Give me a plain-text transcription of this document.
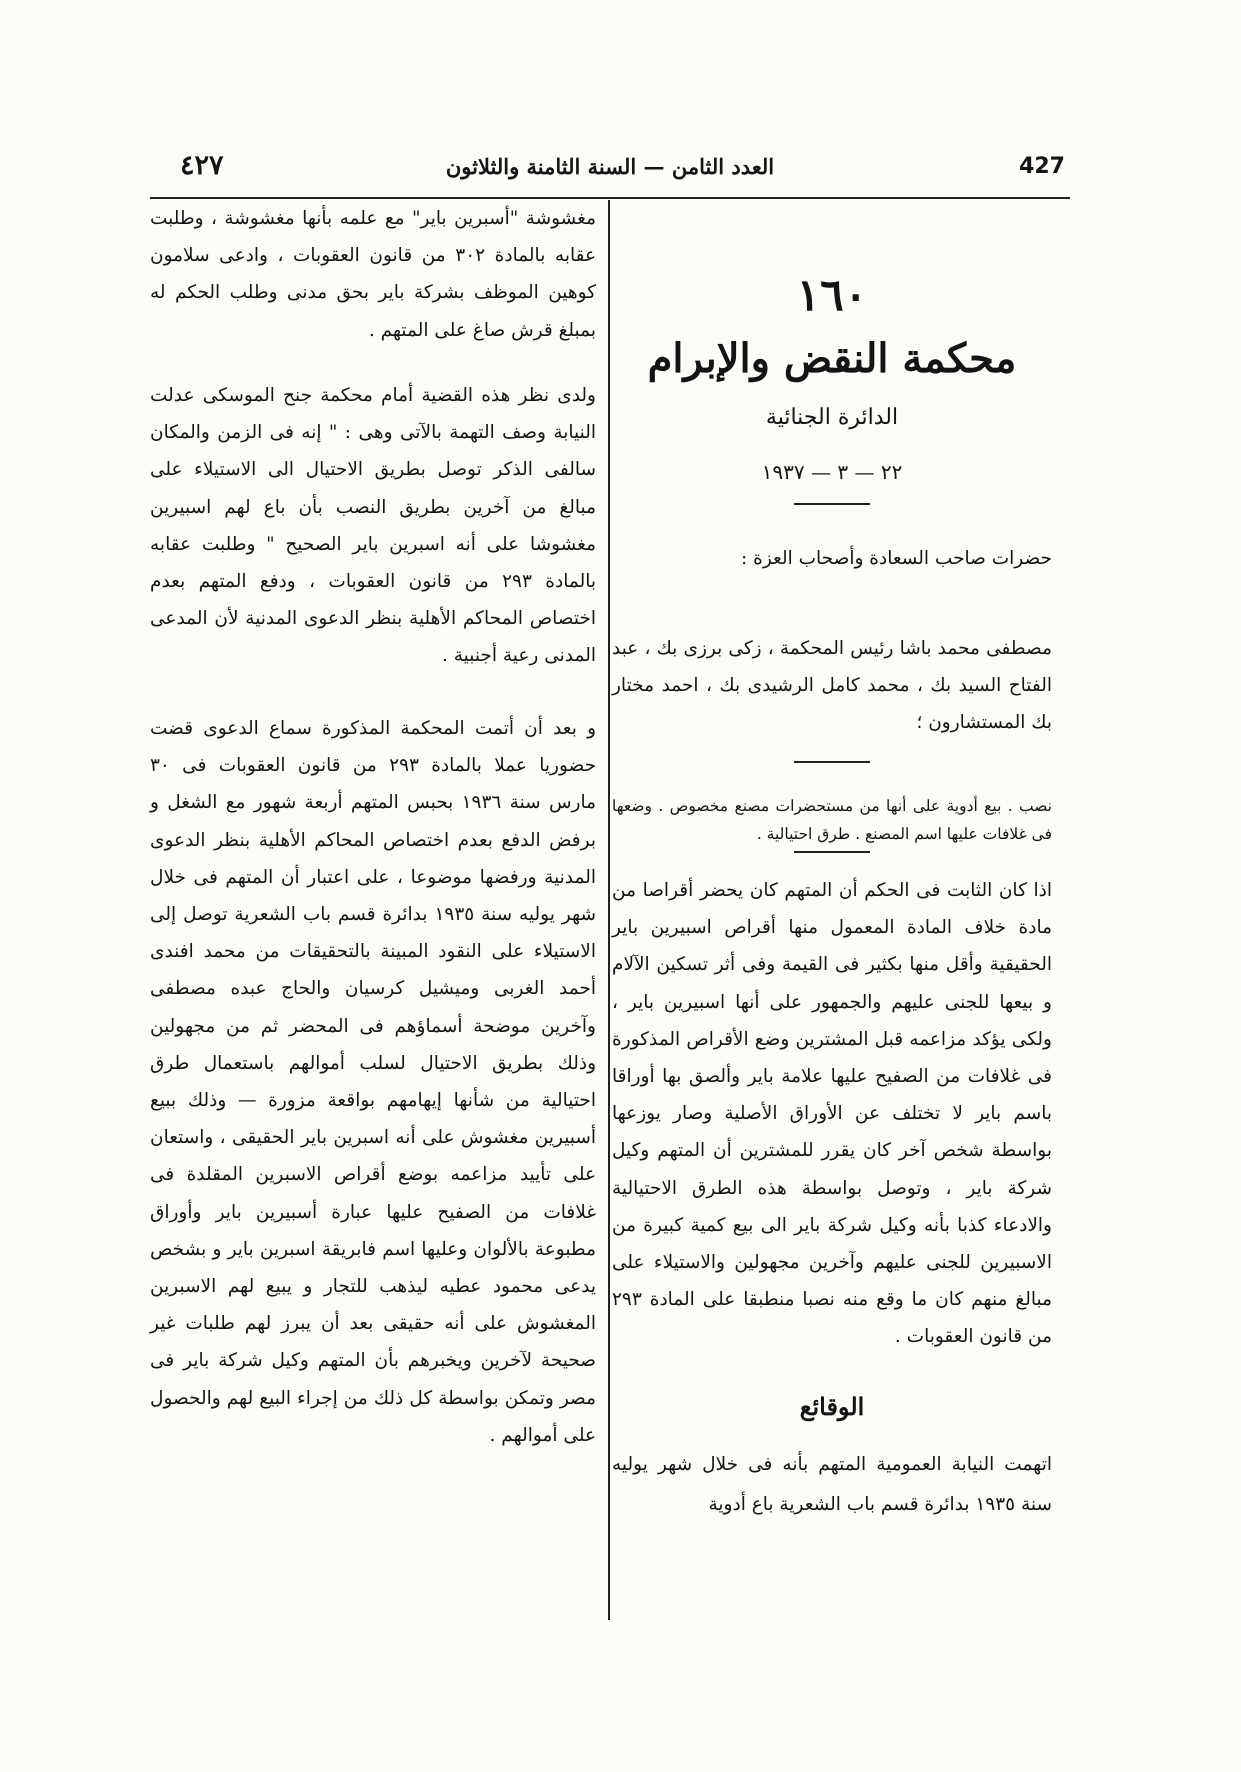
٤٢٧	العدد الثامن — السنة الثامنة والثلاثون	427
١٦٠
محكمة النقض والإبرام
الدائرة الجنائية
٢٢ — ٣ — ١٩٣٧

حضرات صاحب السعادة وأصحاب العزة :

مصطفى محمد باشا رئيس المحكمة ، زكى برزى بك ، عبد الفتاح السيد بك ، محمد كامل الرشيدى بك ، احمد مختار بك المستشارون ؛

نصب . بيع أدوية على أنها من مستحضرات مصنع مخصوص . وضعها فى غلافات عليها اسم المصنع . طرق احتيالية .

اذا كان الثابت فى الحكم أن المتهم كان يحضر أقراصا من مادة خلاف المادة المعمول منها أقراص اسبيرين باير الحقيقية وأقل منها بكثير فى القيمة وفى أثر تسكين الآلام و بيعها للجنى عليهم والجمهور على أنها اسبيرين باير ، ولكى يؤكد مزاعمه قبل المشترين وضع الأقراص المذكورة فى غلافات من الصفيح عليها علامة باير وألصق بها أوراقا باسم باير لا تختلف عن الأوراق الأصلية وصار يوزعها بواسطة شخص آخر كان يقرر للمشترين أن المتهم وكيل شركة باير ، وتوصل بواسطة هذه الطرق الاحتيالية والادعاء كذبا بأنه وكيل شركة باير الى بيع كمية كبيرة من الاسبيرين للجنى عليهم وآخرين مجهولين والاستيلاء على مبالغ منهم كان ما وقع منه نصبا منطبقا على المادة ٢٩٣ من قانون العقوبات .

الوقائع

اتهمت النيابة العمومية المتهم بأنه فى خلال شهر يوليه سنة ١٩٣٥ بدائرة قسم باب الشعرية باع أدوية

مغشوشة "أسبرين باير" مع علمه بأنها مغشوشة ، وطلبت عقابه بالمادة ٣٠٢ من قانون العقوبات ، وادعى سلامون كوهين الموظف بشركة باير بحق مدنى وطلب الحكم له بمبلغ قرش صاغ على المتهم .

ولدى نظر هذه القضية أمام محكمة جنح الموسكى عدلت النيابة وصف التهمة بالآتى وهى : " إنه فى الزمن والمكان سالفى الذكر توصل بطريق الاحتيال الى الاستيلاء على مبالغ من آخرين بطريق النصب بأن باع لهم اسبيرين مغشوشا على أنه اسبرين باير الصحيح " وطلبت عقابه بالمادة ٢٩٣ من قانون العقوبات ، ودفع المتهم بعدم اختصاص المحاكم الأهلية بنظر الدعوى المدنية لأن المدعى المدنى رعية أجنبية .

و بعد أن أتمت المحكمة المذكورة سماع الدعوى قضت حضوريا عملا بالمادة ٢٩٣ من قانون العقوبات فى ٣٠ مارس سنة ١٩٣٦ بحبس المتهم أربعة شهور مع الشغل و برفض الدفع بعدم اختصاص المحاكم الأهلية بنظر الدعوى المدنية ورفضها موضوعا ، على اعتبار أن المتهم فى خلال شهر يوليه سنة ١٩٣٥ بدائرة قسم باب الشعرية توصل إلى الاستيلاء على النقود المبينة بالتحقيقات من محمد افندى أحمد الغربى وميشيل كرسيان والحاج عبده مصطفى وآخرين موضحة أسماؤهم فى المحضر ثم من مجهولين وذلك بطريق الاحتيال لسلب أموالهم باستعمال طرق احتيالية من شأنها إيهامهم بواقعة مزورة — وذلك ببيع أسبيرين مغشوش على أنه اسبرين باير الحقيقى ، واستعان على تأييد مزاعمه بوضع أقراص الاسبرين المقلدة فى غلافات من الصفيح عليها عبارة أسبيرين باير وأوراق مطبوعة بالألوان وعليها اسم فابريقة اسبرين باير و بشخص يدعى محمود عطيه ليذهب للتجار و يبيع لهم الاسبرين المغشوش على أنه حقيقى بعد أن يبرز لهم طلبات غير صحيحة لآخرين ويخبرهم بأن المتهم وكيل شركة باير فى مصر وتمكن بواسطة كل ذلك من إجراء البيع لهم والحصول على أموالهم .
